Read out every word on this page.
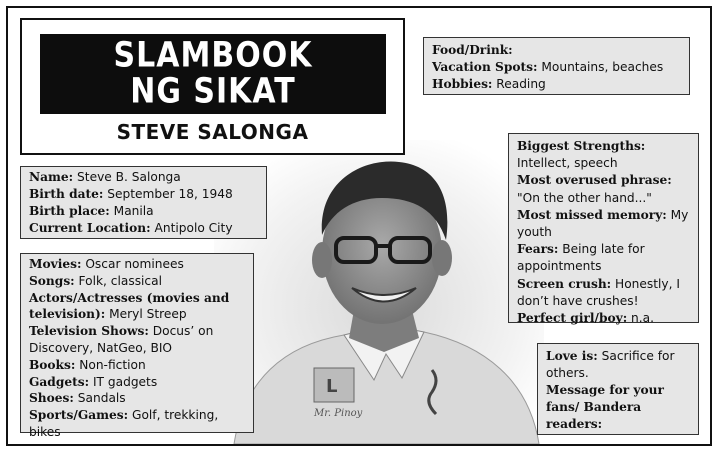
L
Mr. Pinoy
SLAMBOOK
NG SIKAT
STEVE SALONGA
Food/Drink:
Vacation Spots: Mountains, beaches
Hobbies: Reading
Name: Steve B. Salonga
Birth date: September 18, 1948
Birth place: Manila
Current Location: Antipolo City
Movies: Oscar nominees
Songs: Folk, classical
Actors/Actresses (movies and television): Meryl Streep
Television Shows: Docus’ on Discovery, NatGeo, BIO
Books: Non-fiction
Gadgets: IT gadgets
Shoes: Sandals
Sports/Games: Golf, trekking, bikes
Biggest Strengths: Intellect, speech
Most overused phrase: "On the other hand..."
Most missed memory: My youth
Fears: Being late for appointments
Screen crush: Honestly, I don’t have crushes!
Perfect girl/boy: n.a.
Love is: Sacrifice for others.
Message for your fans/ Bandera readers:
